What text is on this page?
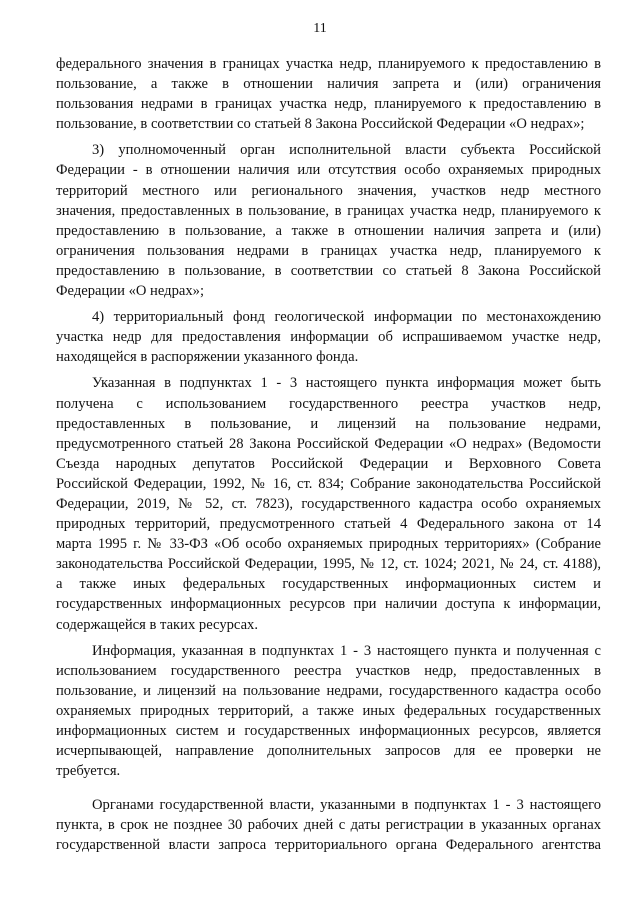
11
федерального значения в границах участка недр, планируемого к предоставлению в
пользование, а также в отношении наличия запрета и (или) ограничения
пользования недрами в границах участка недр, планируемого к предоставлению в
пользование, в соответствии со статьей 8 Закона Российской Федерации «О недрах»;
3) уполномоченный орган исполнительной власти субъекта Российской
Федерации - в отношении наличия или отсутствия особо охраняемых природных
территорий местного или регионального значения, участков недр местного
значения, предоставленных в пользование, в границах участка недр, планируемого к
предоставлению в пользование, а также в отношении наличия запрета и (или)
ограничения пользования недрами в границах участка недр, планируемого к
предоставлению в пользование, в соответствии со статьей 8 Закона Российской
Федерации «О недрах»;
4) территориальный фонд геологической информации по местонахождению
участка недр для предоставления информации об испрашиваемом участке недр,
находящейся в распоряжении указанного фонда.
Указанная в подпунктах 1 - 3 настоящего пункта информация может быть
получена с использованием государственного реестра участков недр,
предоставленных в пользование, и лицензий на пользование недрами,
предусмотренного статьей 28 Закона Российской Федерации «О недрах» (Ведомости
Съезда народных депутатов Российской Федерации и Верховного Совета
Российской Федерации, 1992, № 16, ст. 834; Собрание законодательства Российской
Федерации, 2019, № 52, ст. 7823), государственного кадастра особо охраняемых
природных территорий, предусмотренного статьей 4 Федерального закона от 14
марта 1995 г. № 33-ФЗ «Об особо охраняемых природных территориях» (Собрание
законодательства Российской Федерации, 1995, № 12, ст. 1024; 2021, № 24, ст. 4188),
а также иных федеральных государственных информационных систем и
государственных информационных ресурсов при наличии доступа к информации,
содержащейся в таких ресурсах.
Информация, указанная в подпунктах 1 - 3 настоящего пункта и полученная с
использованием государственного реестра участков недр, предоставленных в
пользование, и лицензий на пользование недрами, государственного кадастра особо
охраняемых природных территорий, а также иных федеральных государственных
информационных систем и государственных информационных ресурсов, является
исчерпывающей, направление дополнительных запросов для ее проверки не
требуется.
Органами государственной власти, указанными в подпунктах 1 - 3 настоящего
пункта, в срок не позднее 30 рабочих дней с даты регистрации в указанных органах
государственной власти запроса территориального органа Федерального агентства
